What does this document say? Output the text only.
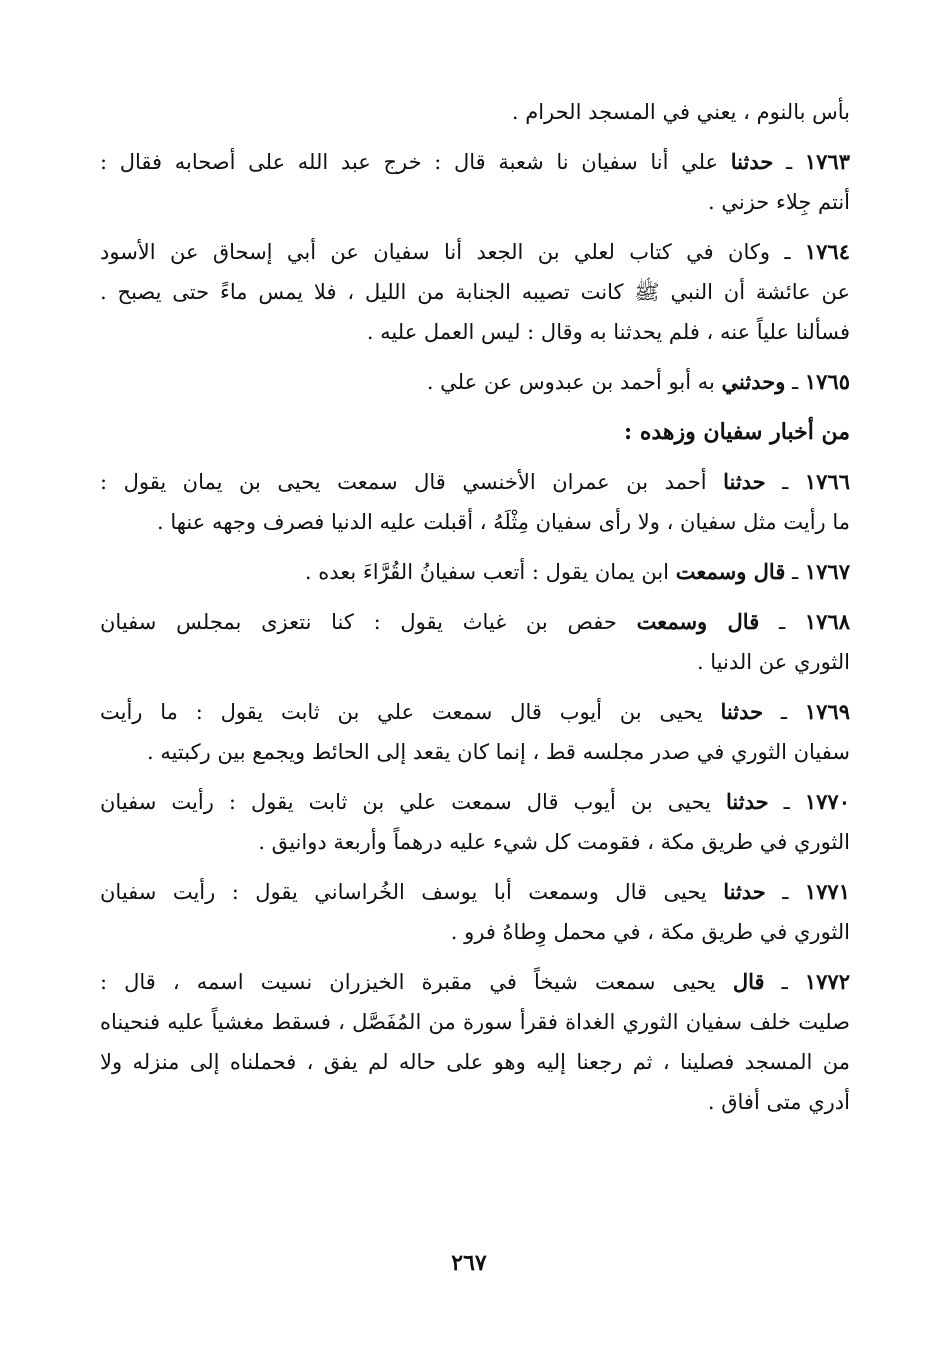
بأس بالنوم ، يعني في المسجد الحرام .
١٧٦٣ ـ حدثنا علي أنا سفيان نا شعبة قال : خرج عبد الله على أصحابه فقال :
أنتم جِلاء حزني .
١٧٦٤ ـ وكان في كتاب لعلي بن الجعد أنا سفيان عن أبي إسحاق عن الأسود
عن عائشة أن النبي ﷺ كانت تصيبه الجنابة من الليل ، فلا يمس ماءً حتى يصبح .
فسألنا علياً عنه ، فلم يحدثنا به وقال : ليس العمل عليه .
١٧٦٥ ـ وحدثني به أبو أحمد بن عبدوس عن علي .
من أخبار سفيان وزهده :
١٧٦٦ ـ حدثنا أحمد بن عمران الأخنسي قال سمعت يحيى بن يمان يقول :
ما رأيت مثل سفيان ، ولا رأى سفيان مِثْلَهُ ، أقبلت عليه الدنيا فصرف وجهه عنها .
١٧٦٧ ـ قال وسمعت ابن يمان يقول : أتعب سفيانُ القُرَّاءَ بعده .
١٧٦٨ ـ قال وسمعت حفص بن غياث يقول : كنا نتعزى بمجلس سفيان
الثوري عن الدنيا .
١٧٦٩ ـ حدثنا يحيى بن أيوب قال سمعت علي بن ثابت يقول : ما رأيت
سفيان الثوري في صدر مجلسه قط ، إنما كان يقعد إلى الحائط ويجمع بين ركبتيه .
١٧٧٠ ـ حدثنا يحيى بن أيوب قال سمعت علي بن ثابت يقول : رأيت سفيان
الثوري في طريق مكة ، فقومت كل شيء عليه درهماً وأربعة دوانيق .
١٧٧١ ـ حدثنا يحيى قال وسمعت أبا يوسف الخُراساني يقول : رأيت سفيان
الثوري في طريق مكة ، في محمل وِطاهُ فرو .
١٧٧٢ ـ قال يحيى سمعت شيخاً في مقبرة الخيزران نسيت اسمه ، قال :
صليت خلف سفيان الثوري الغداة فقرأ سورة من المُفَصَّل ، فسقط مغشياً عليه فنحيناه
من المسجد فصلينا ، ثم رجعنا إليه وهو على حاله لم يفق ، فحملناه إلى منزله ولا
أدري متى أفاق .
٢٦٧
